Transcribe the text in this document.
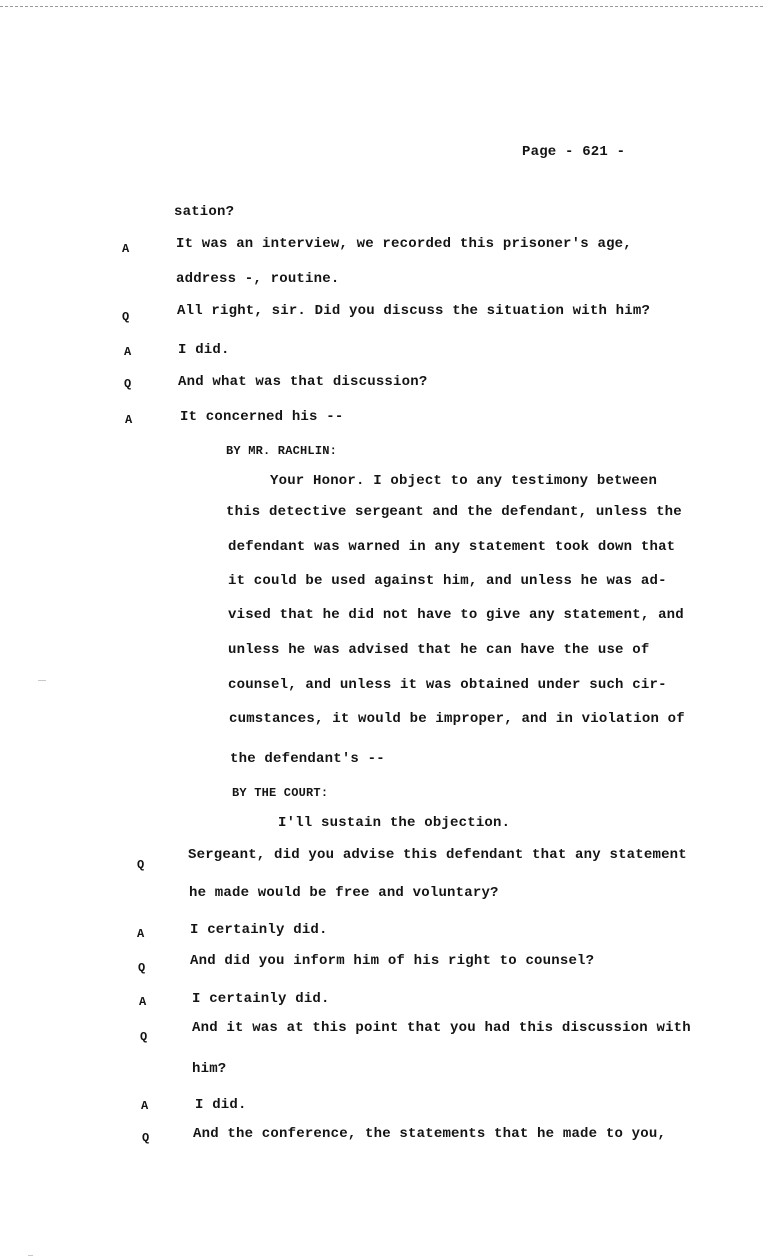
Page - 621 -
sation?
It was an interview, we recorded this prisoner's age,
address -, routine.
All right, sir. Did you discuss the situation with him?
I did.
And what was that discussion?
It concerned his --
BY MR. RACHLIN:
Your Honor. I object to any testimony between
this detective sergeant and the defendant, unless the
defendant was warned in any statement took down that
it could be used against him, and unless he was ad-
vised that he did not have to give any statement, and
unless he was advised that he can have the use of
counsel, and unless it was obtained under such cir-
cumstances, it would be improper, and in violation of
the defendant's --
BY THE COURT:
I'll sustain the objection.
Sergeant, did you advise this defendant that any statement
he made would be free and voluntary?
I certainly did.
And did you inform him of his right to counsel?
I certainly did.
And it was at this point that you had this discussion with
him?
I did.
And the conference, the statements that he made to you,
A
Q
A
Q
A
Q
A
Q
A
Q
A
Q
